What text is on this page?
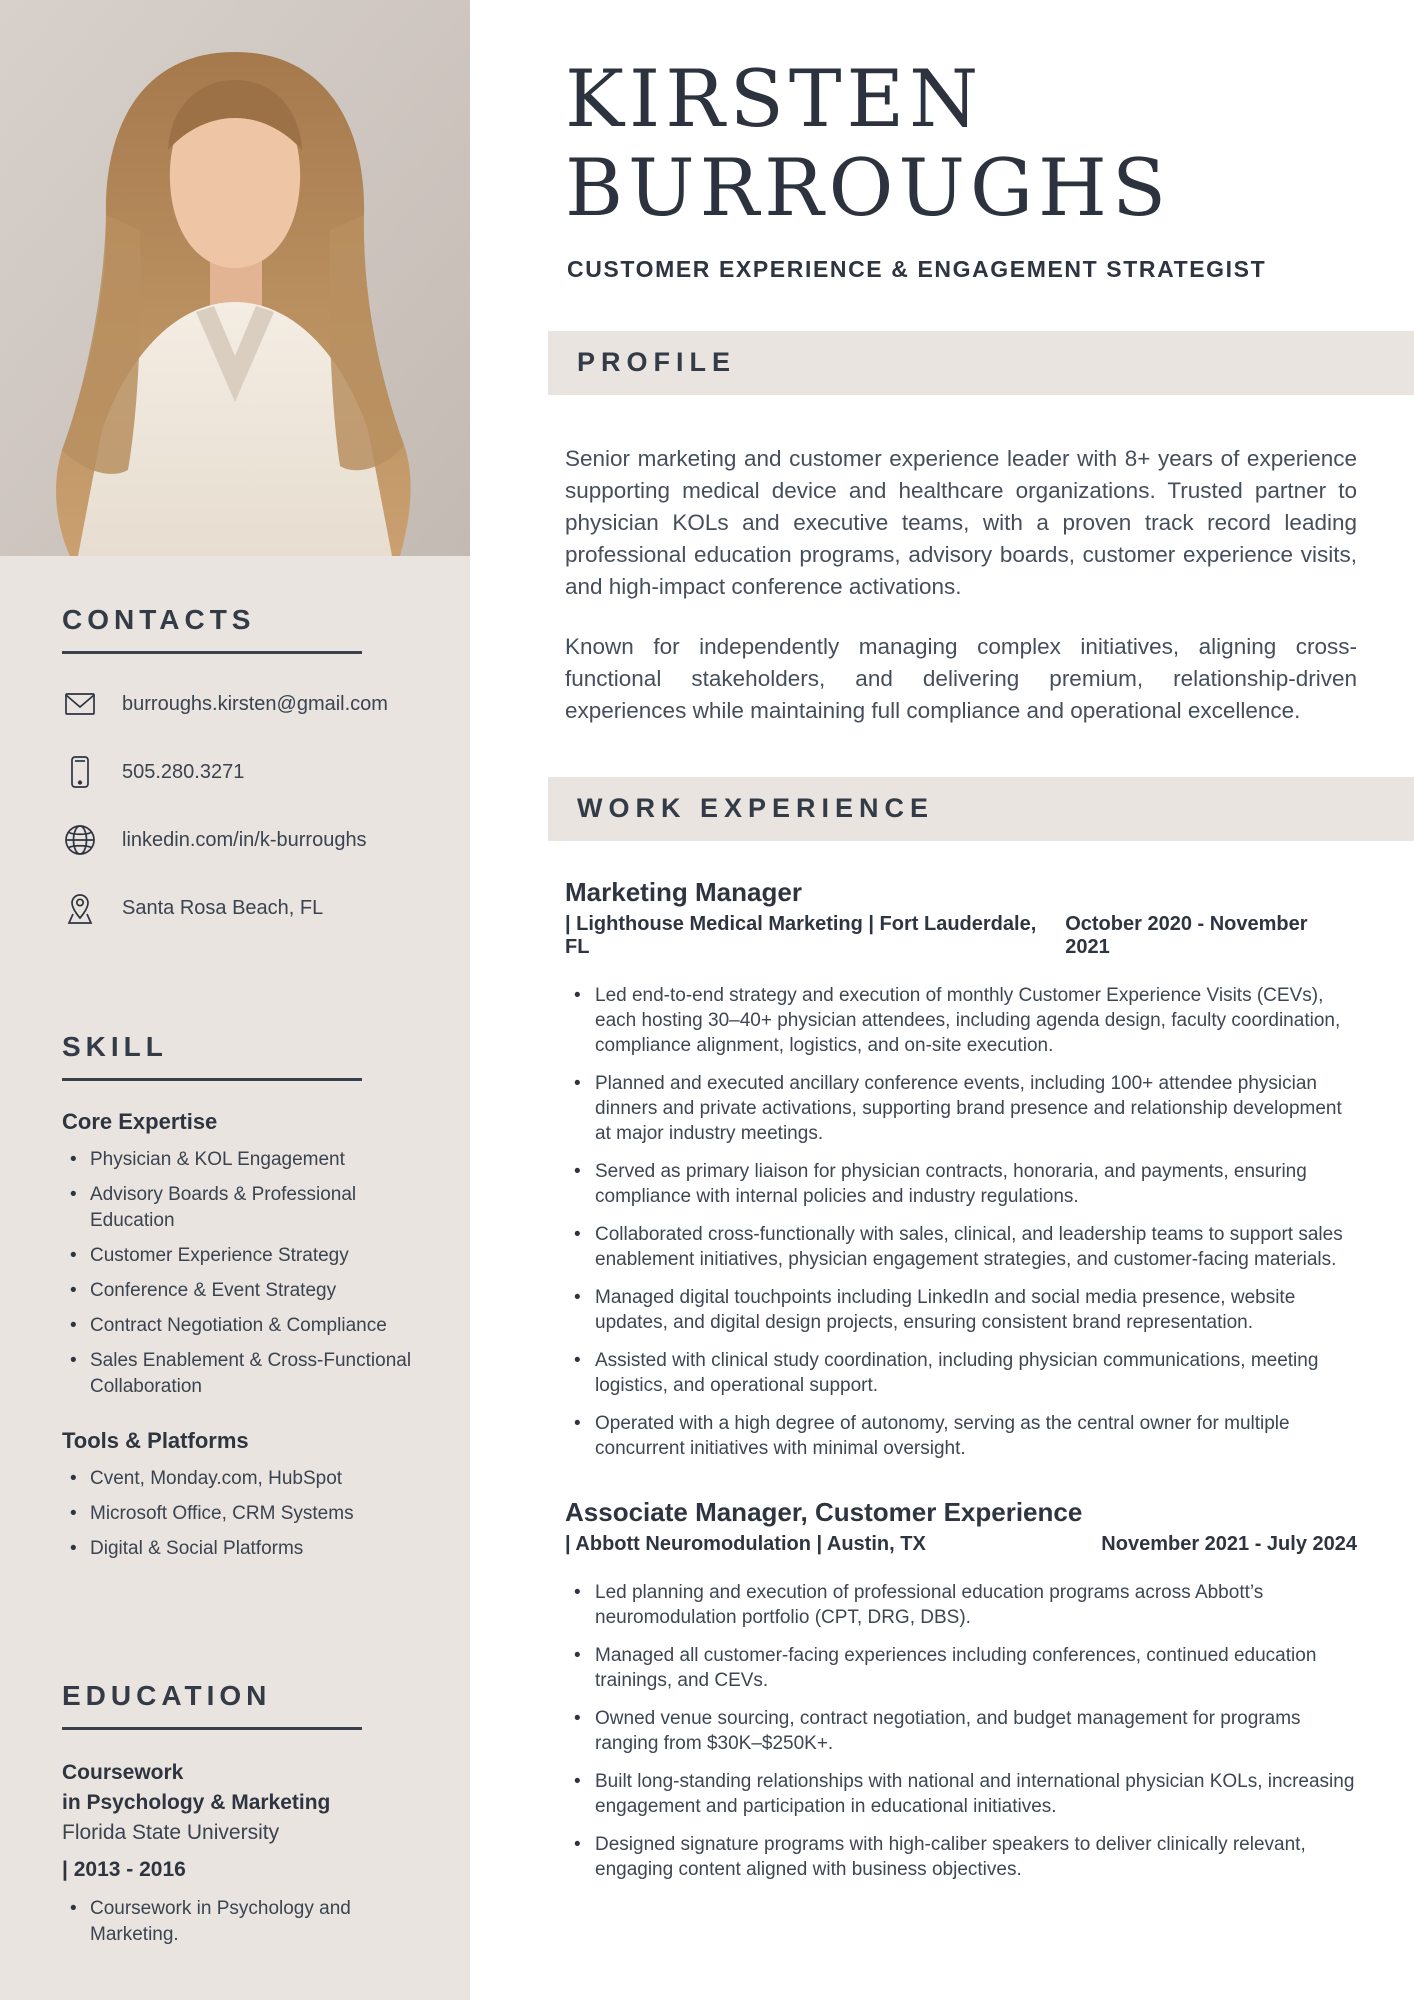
CONTACTS
burroughs.kirsten@gmail.com
505.280.3271
linkedin.com/in/k-burroughs
Santa Rosa Beach, FL
SKILL
Core Expertise
• Physician & KOL Engagement
• Advisory Boards & Professional Education
• Customer Experience Strategy
• Conference & Event Strategy
• Contract Negotiation & Compliance
• Sales Enablement & Cross-Functional Collaboration
Tools & Platforms
• Cvent, Monday.com, HubSpot
• Microsoft Office, CRM Systems
• Digital & Social Platforms
EDUCATION
Coursework
in Psychology & Marketing
Florida State University
| 2013 - 2016
• Coursework in Psychology and Marketing.
KIRSTEN
BURROUGHS
CUSTOMER EXPERIENCE & ENGAGEMENT STRATEGIST
PROFILE

Senior marketing and customer experience leader with 8+ years of experience supporting medical device and healthcare organizations. Trusted partner to physician KOLs and executive teams, with a proven track record leading professional education programs, advisory boards, customer experience visits, and high-impact conference activations.

Known for independently managing complex initiatives, aligning cross-functional stakeholders, and delivering premium, relationship-driven experiences while maintaining full compliance and operational excellence.

WORK EXPERIENCE
Marketing Manager
| Lighthouse Medical Marketing | Fort Lauderdale, FL
October 2020 - November 2021
• Led end-to-end strategy and execution of monthly Customer Experience Visits (CEVs), each hosting 30–40+ physician attendees, including agenda design, faculty coordination, compliance alignment, logistics, and on-site execution.
• Planned and executed ancillary conference events, including 100+ attendee physician dinners and private activations, supporting brand presence and relationship development at major industry meetings.
• Served as primary liaison for physician contracts, honoraria, and payments, ensuring compliance with internal policies and industry regulations.
• Collaborated cross-functionally with sales, clinical, and leadership teams to support sales enablement initiatives, physician engagement strategies, and customer-facing materials.
• Managed digital touchpoints including LinkedIn and social media presence, website updates, and digital design projects, ensuring consistent brand representation.
• Assisted with clinical study coordination, including physician communications, meeting logistics, and operational support.
• Operated with a high degree of autonomy, serving as the central owner for multiple concurrent initiatives with minimal oversight.
Associate Manager, Customer Experience
| Abbott Neuromodulation | Austin, TX	November 2021 - July 2024
• Led planning and execution of professional education programs across Abbott’s neuromodulation portfolio (CPT, DRG, DBS).
• Managed all customer-facing experiences including conferences, continued education trainings, and CEVs.
• Owned venue sourcing, contract negotiation, and budget management for programs ranging from $30K–$250K+.
• Built long-standing relationships with national and international physician KOLs, increasing engagement and participation in educational initiatives.
• Designed signature programs with high-caliber speakers to deliver clinically relevant, engaging content aligned with business objectives.
